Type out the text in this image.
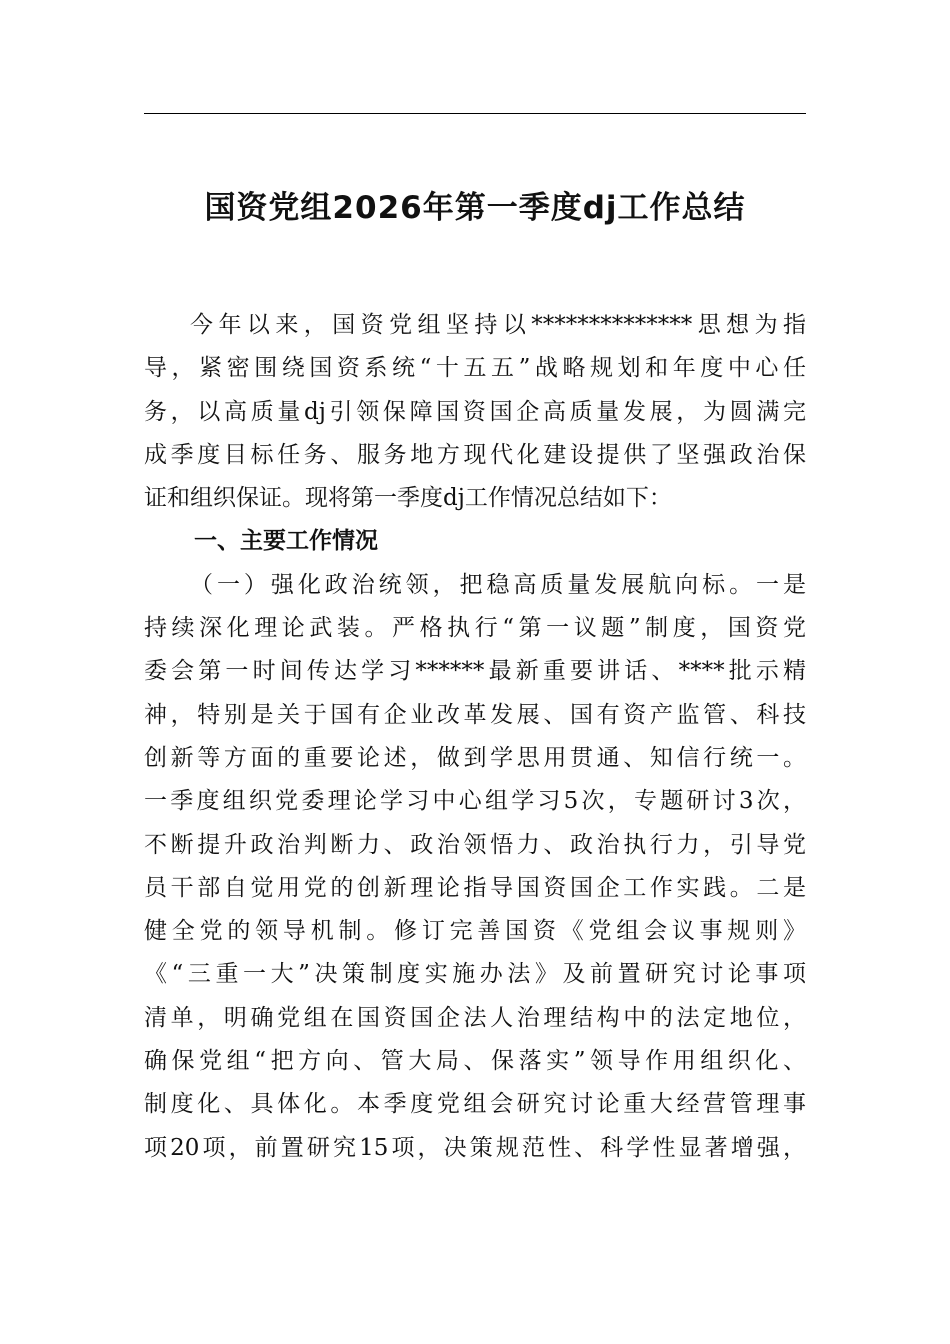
国资党组2026年第一季度dj工作总结
今年以来，国资党组坚持以**************思想为指
导，紧密围绕国资系统“十五五”战略规划和年度中心任
务，以高质量dj引领保障国资国企高质量发展，为圆满完
成季度目标任务、服务地方现代化建设提供了坚强政治保
证和组织保证。现将第一季度dj工作情况总结如下：
一、主要工作情况
（一）强化政治统领，把稳高质量发展航向标。一是
持续深化理论武装。严格执行“第一议题”制度，国资党
委会第一时间传达学习******最新重要讲话、****批示精
神，特别是关于国有企业改革发展、国有资产监管、科技
创新等方面的重要论述，做到学思用贯通、知信行统一。
一季度组织党委理论学习中心组学习5次，专题研讨3次，
不断提升政治判断力、政治领悟力、政治执行力，引导党
员干部自觉用党的创新理论指导国资国企工作实践。二是
健全党的领导机制。修订完善国资《党组会议事规则》
《“三重一大”决策制度实施办法》及前置研究讨论事项
清单，明确党组在国资国企法人治理结构中的法定地位，
确保党组“把方向、管大局、保落实”领导作用组织化、
制度化、具体化。本季度党组会研究讨论重大经营管理事
项20项，前置研究15项，决策规范性、科学性显著增强，
